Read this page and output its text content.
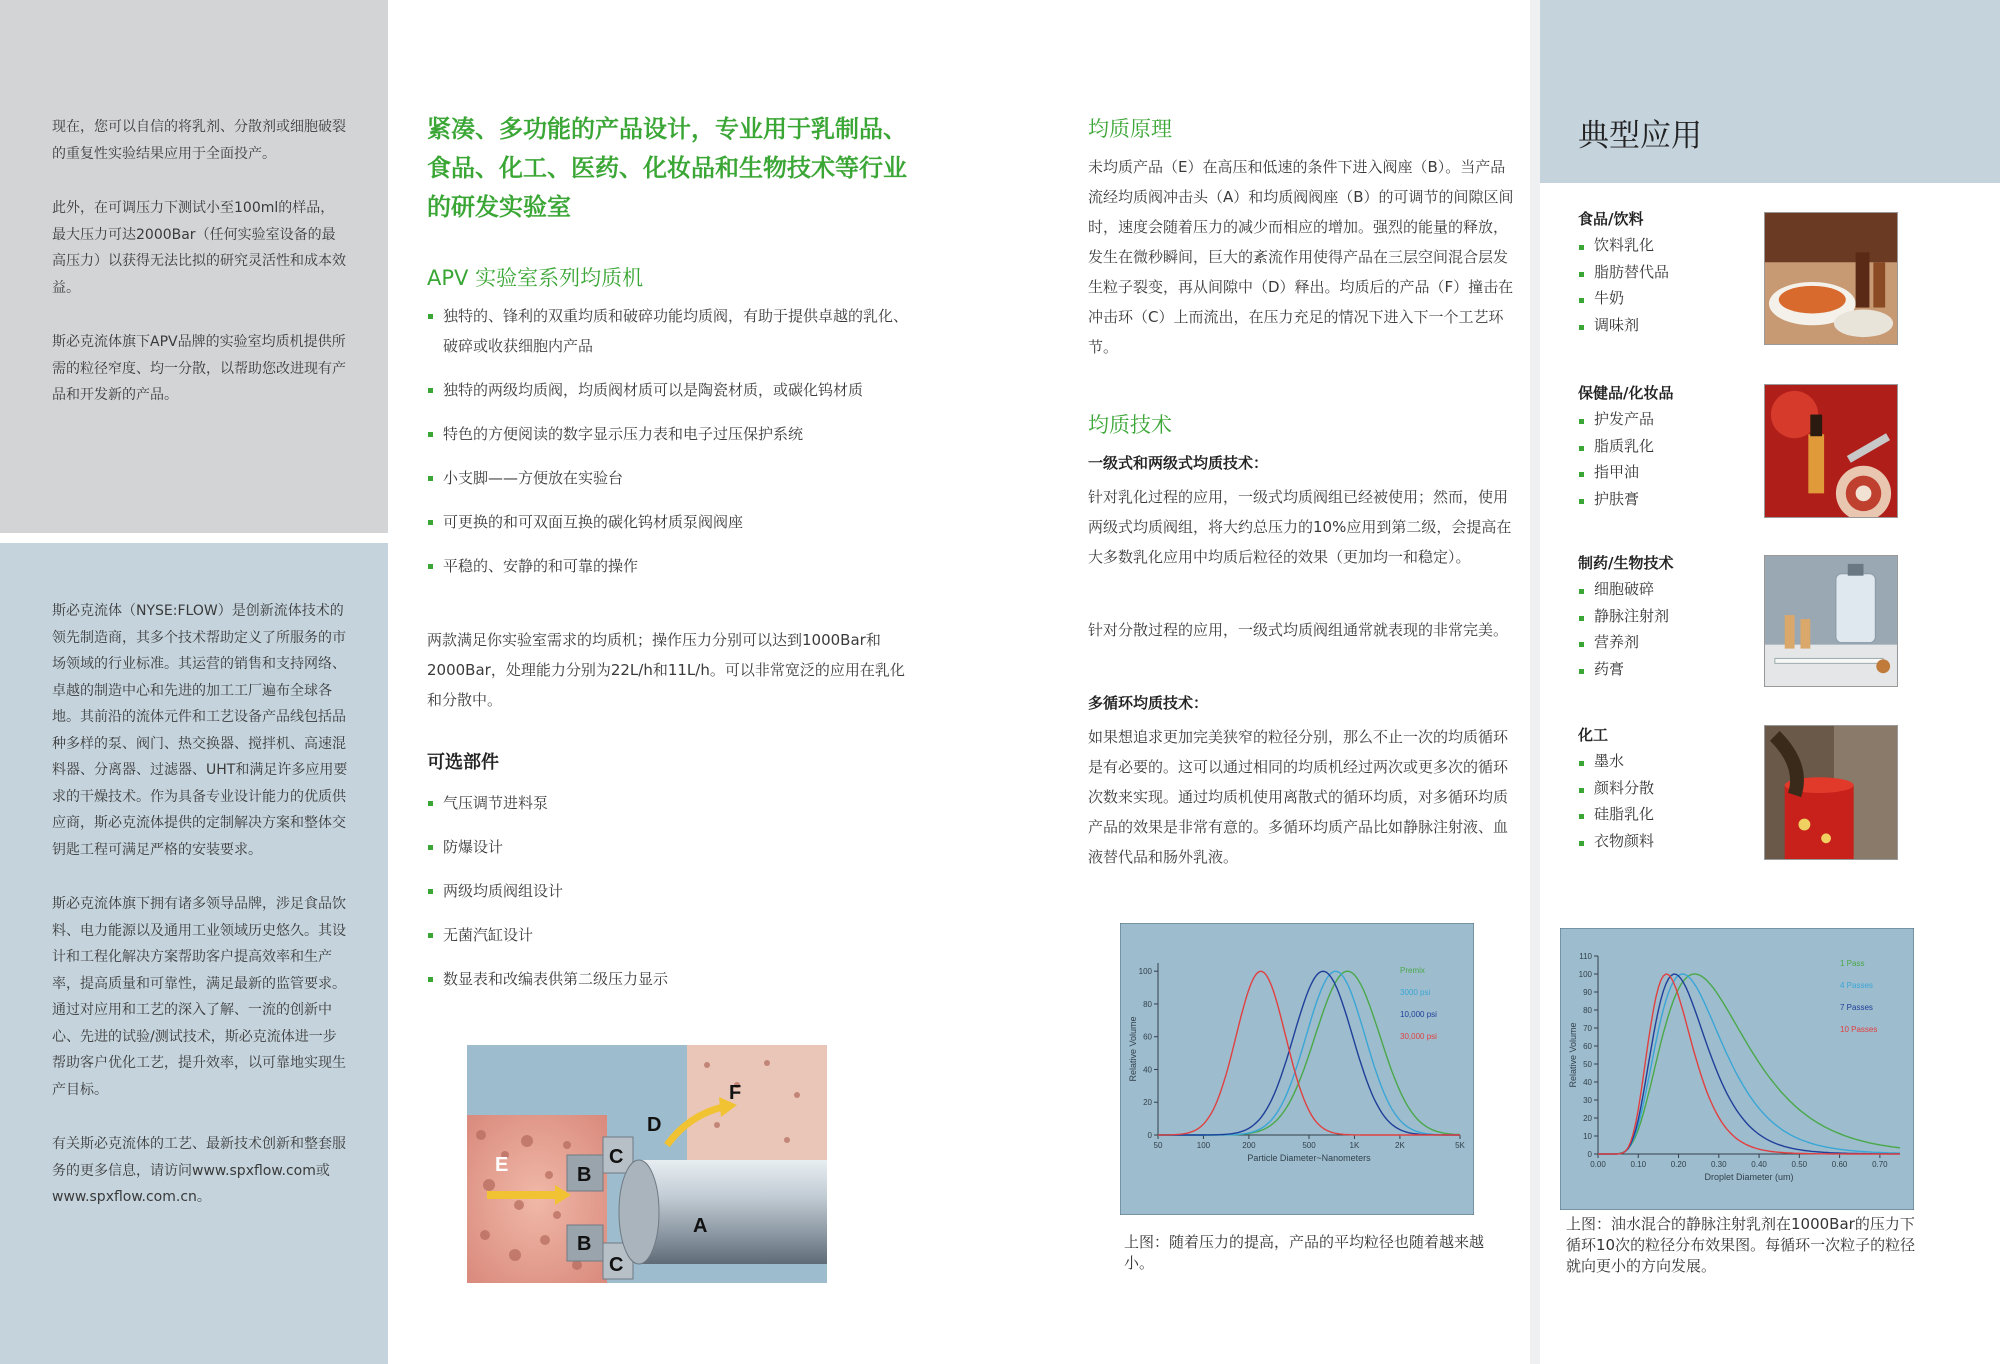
现在，您可以自信的将乳剂、分散剂或细胞破裂的重复性实验结果应用于全面投产。

此外，在可调压力下测试小至100ml的样品，最大压力可达2000Bar（任何实验室设备的最高压力）以获得无法比拟的研究灵活性和成本效益。

斯必克流体旗下APV品牌的实验室均质机提供所需的粒径窄度、均一分散，以帮助您改进现有产品和开发新的产品。

斯必克流体（NYSE:FLOW）是创新流体技术的领先制造商，其多个技术帮助定义了所服务的市场领域的行业标准。其运营的销售和支持网络、卓越的制造中心和先进的加工工厂遍布全球各地。其前沿的流体元件和工艺设备产品线包括品种多样的泵、阀门、热交换器、搅拌机、高速混料器、分离器、过滤器、UHT和满足许多应用要求的干燥技术。作为具备专业设计能力的优质供应商，斯必克流体提供的定制解决方案和整体交钥匙工程可满足严格的安装要求。

斯必克流体旗下拥有诸多领导品牌，涉足食品饮料、电力能源以及通用工业领域历史悠久。其设计和工程化解决方案帮助客户提高效率和生产率，提高质量和可靠性，满足最新的监管要求。通过对应用和工艺的深入了解、一流的创新中心、先进的试验/测试技术，斯必克流体进一步帮助客户优化工艺，提升效率，以可靠地实现生产目标。

有关斯必克流体的工艺、最新技术创新和整套服务的更多信息，请访问www.spxflow.com或www.spxflow.com.cn。

紧凑、多功能的产品设计，专业用于乳制品、食品、化工、医药、化妆品和生物技术等行业的研发实验室
APV 实验室系列均质机
独特的、锋利的双重均质和破碎功能均质阀，有助于提供卓越的乳化、破碎或收获细胞内产品
独特的两级均质阀，均质阀材质可以是陶瓷材质，或碳化钨材质
特色的方便阅读的数字显示压力表和电子过压保护系统
小支脚——方便放在实验台
可更换的和可双面互换的碳化钨材质泵阀阀座
平稳的、安静的和可靠的操作
两款满足你实验室需求的均质机；操作压力分别可以达到1000Bar和2000Bar，处理能力分别为22L/h和11L/h。可以非常宽泛的应用在乳化和分散中。
可选部件
气压调节进料泵
防爆设计
两级均质阀组设计
无菌汽缸设计
数显表和改编表供第二级压力显示
A
B
C
B
C
D
E
F
均质原理
未均质产品（E）在高压和低速的条件下进入阀座（B）。当产品流经均质阀冲击头（A）和均质阀阀座（B）的可调节的间隙区间时，速度会随着压力的减少而相应的增加。强烈的能量的释放，发生在微秒瞬间，巨大的紊流作用使得产品在三层空间混合层发生粒子裂变，再从间隙中（D）释出。均质后的产品（F）撞击在冲击环（C）上而流出，在压力充足的情况下进入下一个工艺环节。
均质技术
一级式和两级式均质技术：
针对乳化过程的应用，一级式均质阀组已经被使用；然而，使用两级式均质阀组，将大约总压力的10%应用到第二级，会提高在大多数乳化应用中均质后粒径的效果（更加均一和稳定）。
针对分散过程的应用，一级式均质阀组通常就表现的非常完美。
多循环均质技术：
如果想追求更加完美狭窄的粒径分别，那么不止一次的均质循环是有必要的。这可以通过相同的均质机经过两次或更多次的循环次数来实现。通过均质机使用离散式的循环均质，对多循环均质产品的效果是非常有意的。多循环均质产品比如静脉注射液、血液替代品和肠外乳液。
0
20
40
60
80
100
50	100	200	500	1K	2K	5K
Particle Diameter~Nanometers
Relative Volume
Premix
3000 psi
10,000 psi
30,000 psi
上图：随着压力的提高，产品的平均粒径也随着越来越小。
典型应用
食品/饮料
饮料乳化
脂肪替代品
牛奶
调味剂
保健品/化妆品
护发产品
脂质乳化
指甲油
护肤膏
制药/生物技术
细胞破碎
静脉注射剂
营养剂
药膏
化工
墨水
颜料分散
硅脂乳化
衣物颜料
0
10
20
30
40
50
60
70
80
90
100
110
0.00	0.10	0.20	0.30	0.40	0.50	0.60	0.70
Droplet Diameter (um)
Relative Volume
1 Pass
4 Passes
7 Passes
10 Passes
上图：油水混合的静脉注射乳剂在1000Bar的压力下循环10次的粒径分布效果图。每循环一次粒子的粒径就向更小的方向发展。
